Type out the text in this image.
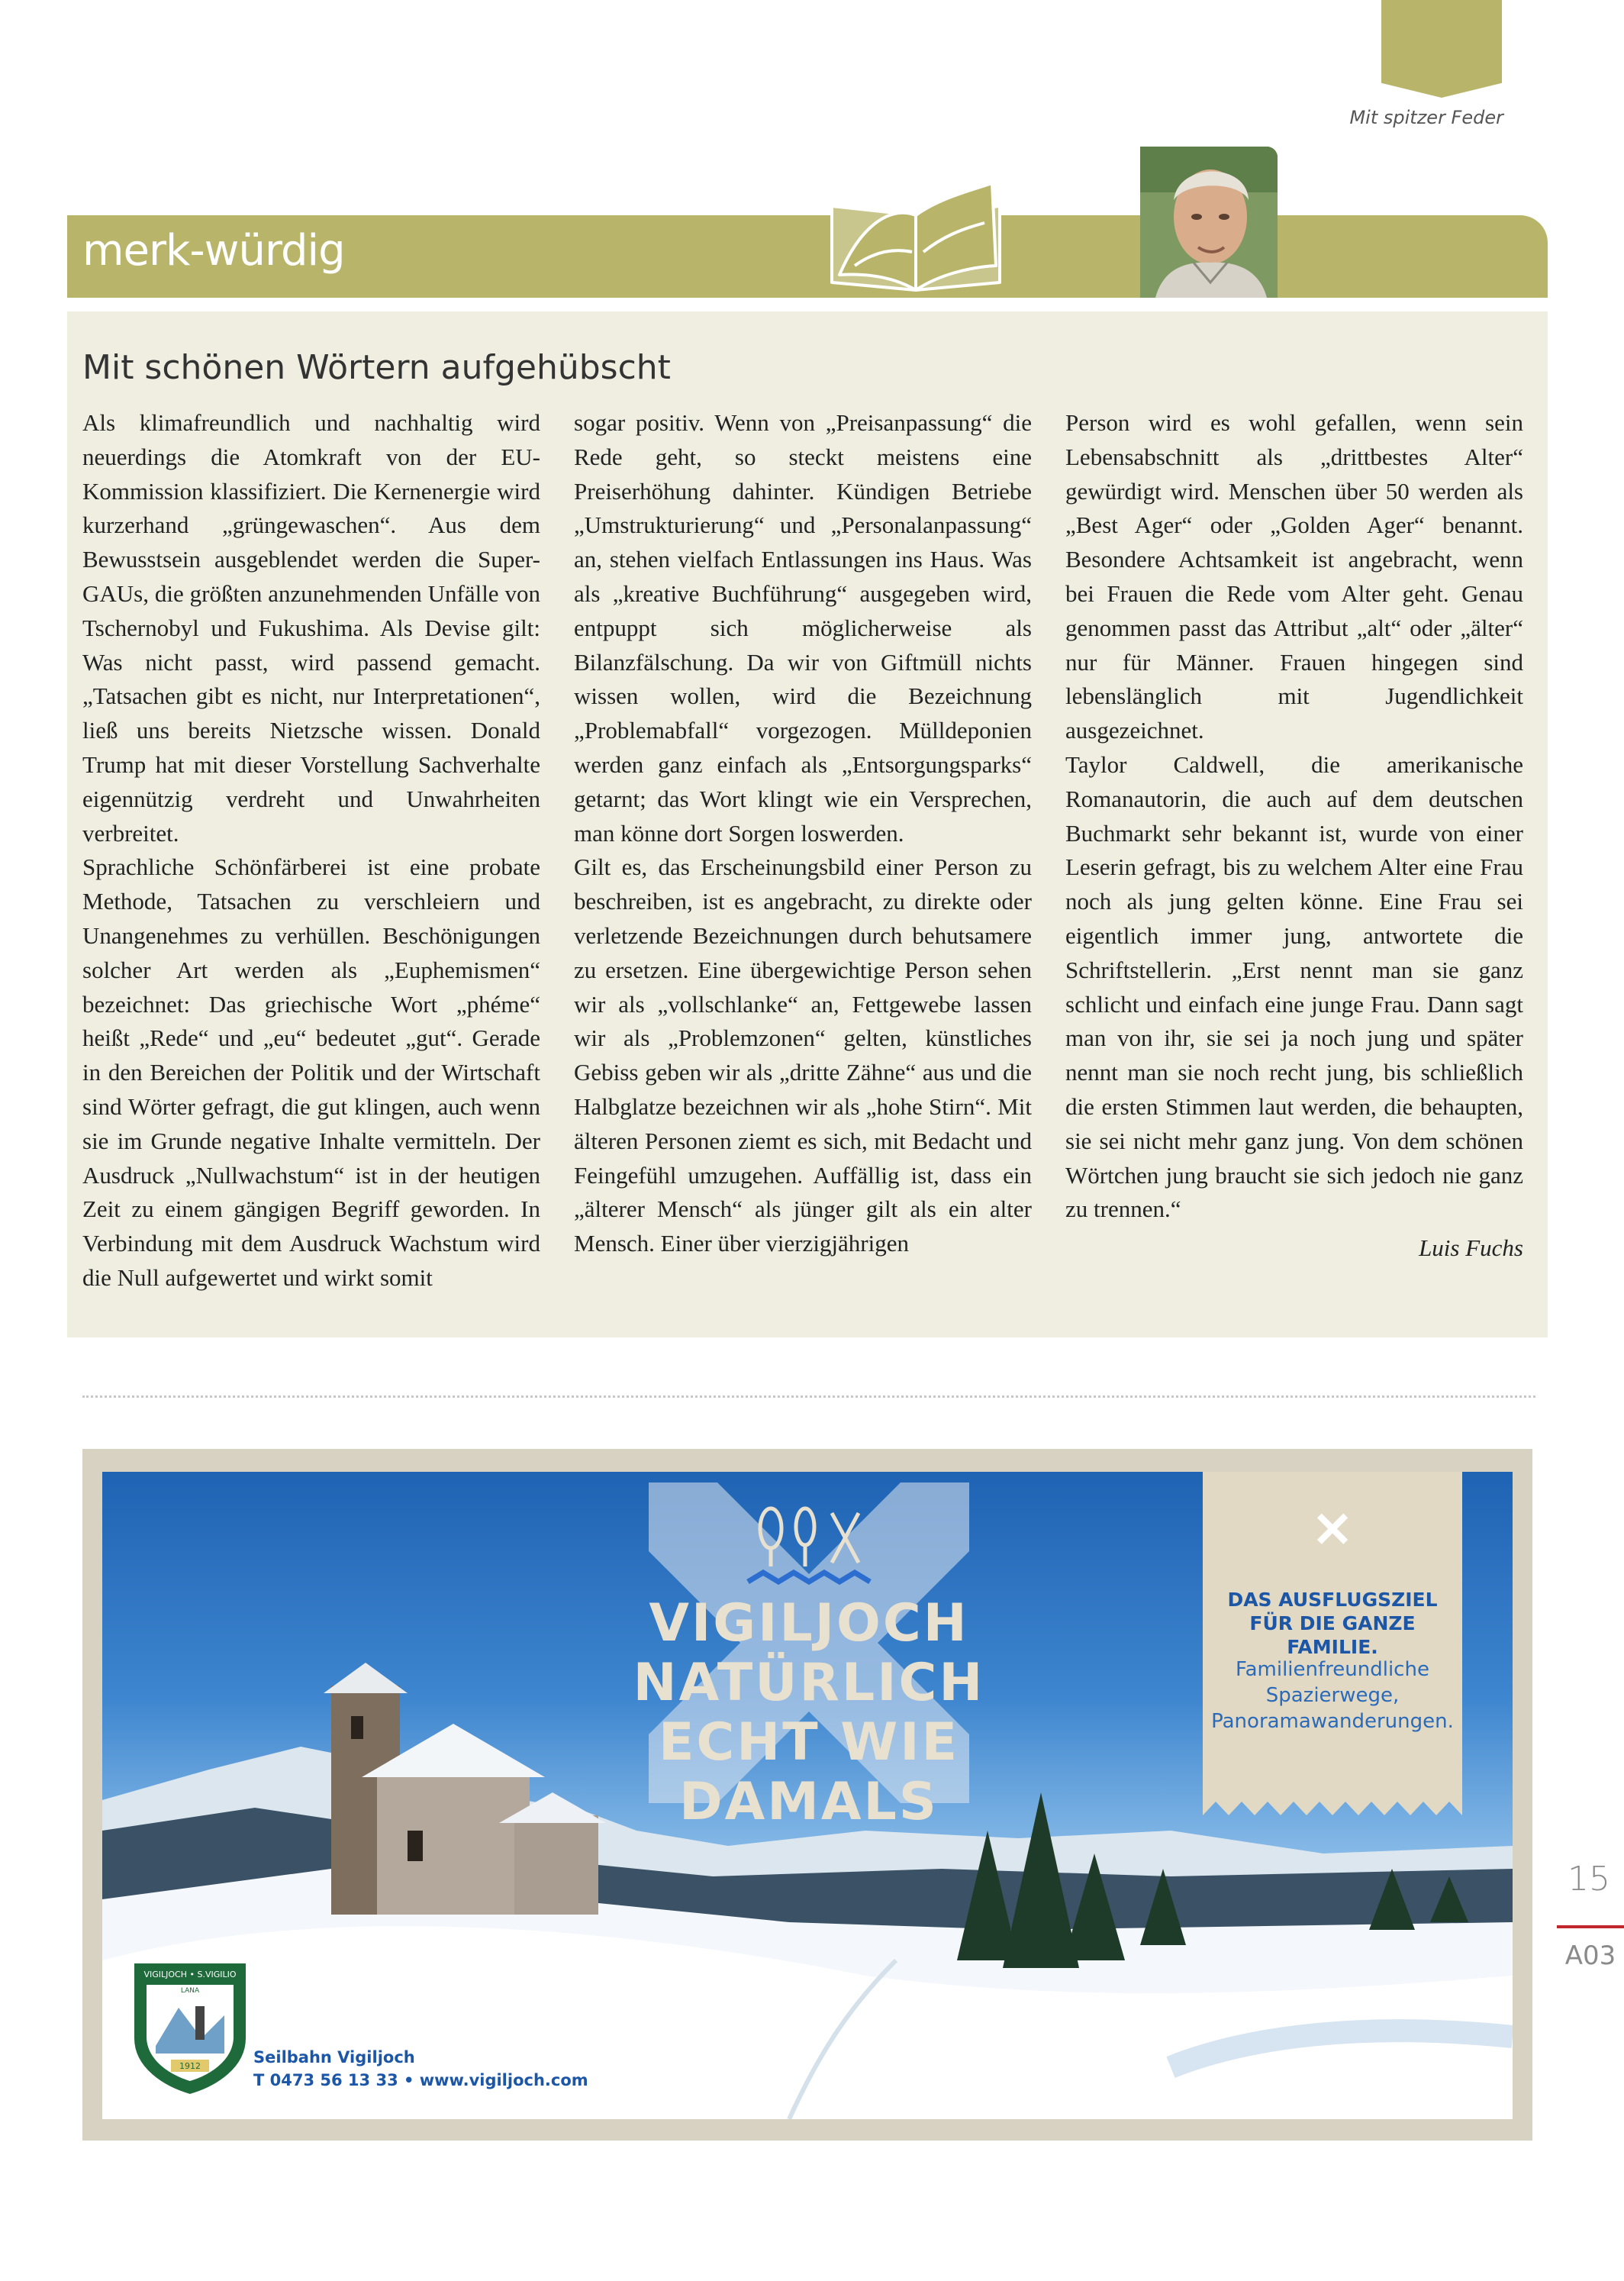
Mit spitzer Feder
merk-würdig
Mit schönen Wörtern aufgehübscht

Als klimafreundlich und nachhaltig wird neuerdings die Atomkraft von der EU-Kommission klassifiziert. Die Kernenergie wird kurzerhand „grüngewaschen“. Aus dem Bewusstsein ausgeblendet werden die Super-GAUs, die größten anzunehmenden Unfälle von Tschernobyl und Fukushima. Als Devise gilt: Was nicht passt, wird passend gemacht. „Tatsachen gibt es nicht, nur Interpretationen“, ließ uns bereits Nietzsche wissen. Donald Trump hat mit dieser Vorstellung Sachverhalte eigennützig verdreht und Unwahrheiten verbreitet.

Sprachliche Schönfärberei ist eine probate Methode, Tatsachen zu verschleiern und Unangenehmes zu verhüllen. Beschönigungen solcher Art werden als „Euphemismen“ bezeichnet: Das griechische Wort „phéme“ heißt „Rede“ und „eu“ bedeutet „gut“. Gerade in den Bereichen der Politik und der Wirtschaft sind Wörter gefragt, die gut klingen, auch wenn sie im Grunde negative Inhalte vermitteln. Der Ausdruck „Nullwachstum“ ist in der heutigen Zeit zu einem gängigen Begriff geworden. In Verbindung mit dem Ausdruck Wachstum wird die Null aufgewertet und wirkt somit

sogar positiv. Wenn von „Preisanpassung“ die Rede geht, so steckt meistens eine Preiserhöhung dahinter. Kündigen Betriebe „Umstrukturierung“ und „Personalanpassung“ an, stehen vielfach Entlassungen ins Haus. Was als „kreative Buchführung“ ausgegeben wird, entpuppt sich möglicherweise als Bilanzfälschung. Da wir von Giftmüll nichts wissen wollen, wird die Bezeichnung „Problemabfall“ vorgezogen. Mülldeponien werden ganz einfach als „Entsorgungsparks“ getarnt; das Wort klingt wie ein Versprechen, man könne dort Sorgen loswerden.

Gilt es, das Erscheinungsbild einer Person zu beschreiben, ist es angebracht, zu direkte oder verletzende Bezeichnungen durch behutsamere zu ersetzen. Eine übergewichtige Person sehen wir als „vollschlanke“ an, Fettgewebe lassen wir als „Problemzonen“ gelten, künstliches Gebiss geben wir als „dritte Zähne“ aus und die Halbglatze bezeichnen wir als „hohe Stirn“. Mit älteren Personen ziemt es sich, mit Bedacht und Feingefühl umzugehen. Auffällig ist, dass ein „älterer Mensch“ als jünger gilt als ein alter Mensch. Einer über vierzigjährigen

Person wird es wohl gefallen, wenn sein Lebensabschnitt als „drittbestes Alter“ gewürdigt wird. Menschen über 50 werden als „Best Ager“ oder „Golden Ager“ benannt. Besondere Achtsamkeit ist angebracht, wenn bei Frauen die Rede vom Alter geht. Genau genommen passt das Attribut „alt“ oder „älter“ nur für Männer. Frauen hingegen sind lebenslänglich mit Jugendlichkeit ausgezeichnet.

Taylor Caldwell, die amerikanische Romanautorin, die auch auf dem deutschen Buchmarkt sehr bekannt ist, wurde von einer Leserin gefragt, bis zu welchem Alter eine Frau noch als jung gelten könne. Eine Frau sei eigentlich immer jung, antwortete die Schriftstellerin. „Erst nennt man sie ganz schlicht und einfach eine junge Frau. Dann sagt man von ihr, sie sei ja noch jung und später nennt man sie noch recht jung, bis schließlich die ersten Stimmen laut werden, die behaupten, sie sei nicht mehr ganz jung. Von dem schönen Wörtchen jung braucht sie sich jedoch nie ganz zu trennen.“

Luis Fuchs

VIGILJOCH
NATÜRLICH
ECHT WIE
DAMALS
✕
DAS AUSFLUGSZIEL
FÜR DIE GANZE FAMILIE.
Familienfreundliche
Spazierwege,
Panoramawanderungen.
VIGILJOCH • S.VIGILIO
LANA
1912	Seilbahn Vigiljoch
T 0473 56 13 33 • www.vigiljoch.com
15
A03
